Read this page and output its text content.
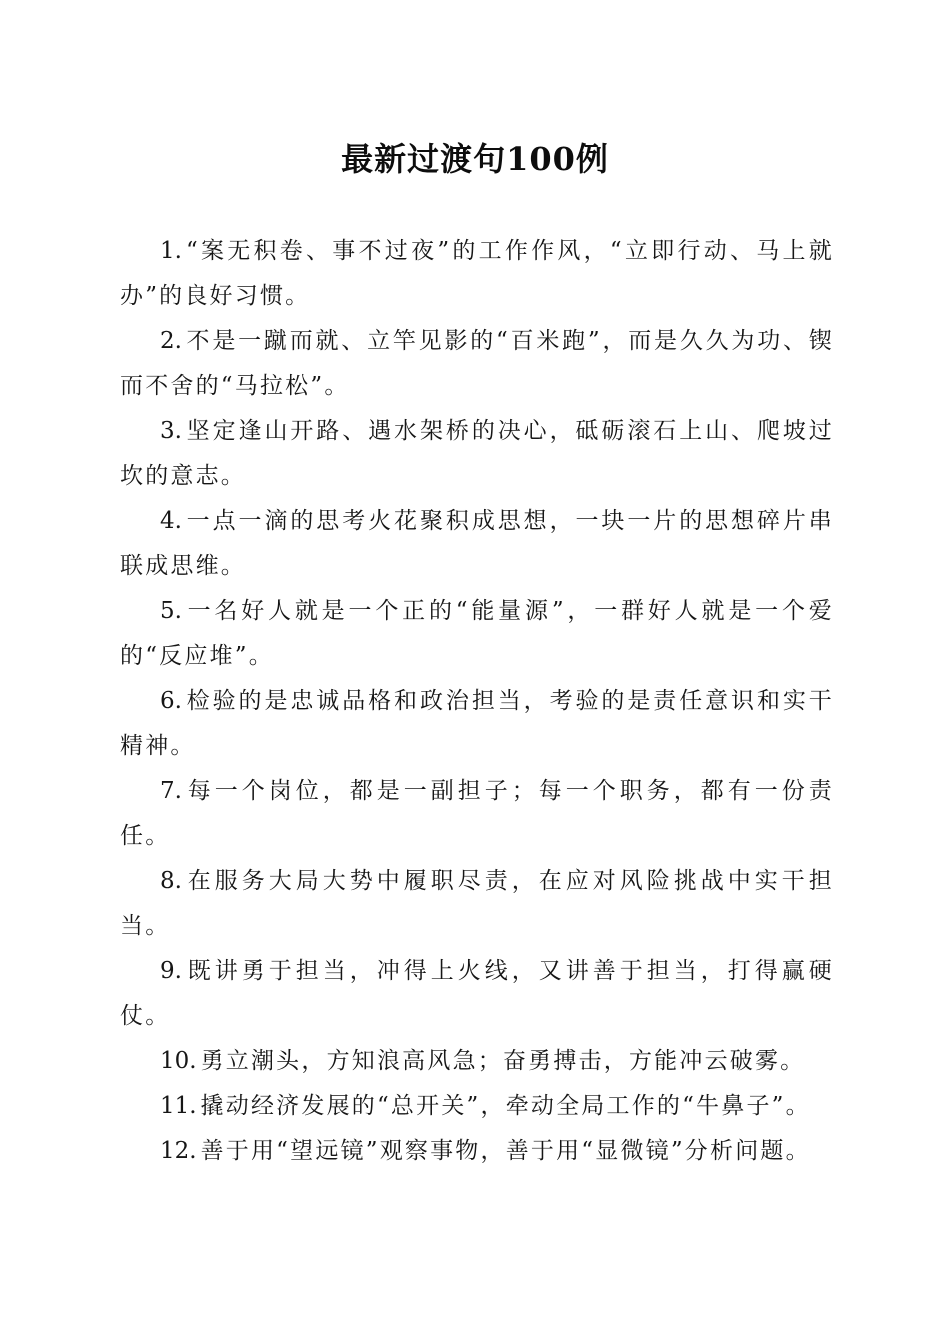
最新过渡句100例

1. “案无积卷、事不过夜”的工作作风，“立即行动、马上就办”的良好习惯。

2. 不是一蹴而就、立竿见影的“百米跑”，而是久久为功、锲而不舍的“马拉松”。

3. 坚定逢山开路、遇水架桥的决心，砥砺滚石上山、爬坡过坎的意志。

4. 一点一滴的思考火花聚积成思想，一块一片的思想碎片串联成思维。

5. 一名好人就是一个正的“能量源”，一群好人就是一个爱的“反应堆”。

6. 检验的是忠诚品格和政治担当，考验的是责任意识和实干精神。

7. 每一个岗位，都是一副担子；每一个职务，都有一份责任。

8. 在服务大局大势中履职尽责，在应对风险挑战中实干担当。

9. 既讲勇于担当，冲得上火线，又讲善于担当，打得赢硬仗。

10. 勇立潮头，方知浪高风急；奋勇搏击，方能冲云破雾。

11. 撬动经济发展的“总开关”，牵动全局工作的“牛鼻子”。

12. 善于用“望远镜”观察事物，善于用“显微镜”分析问题。
